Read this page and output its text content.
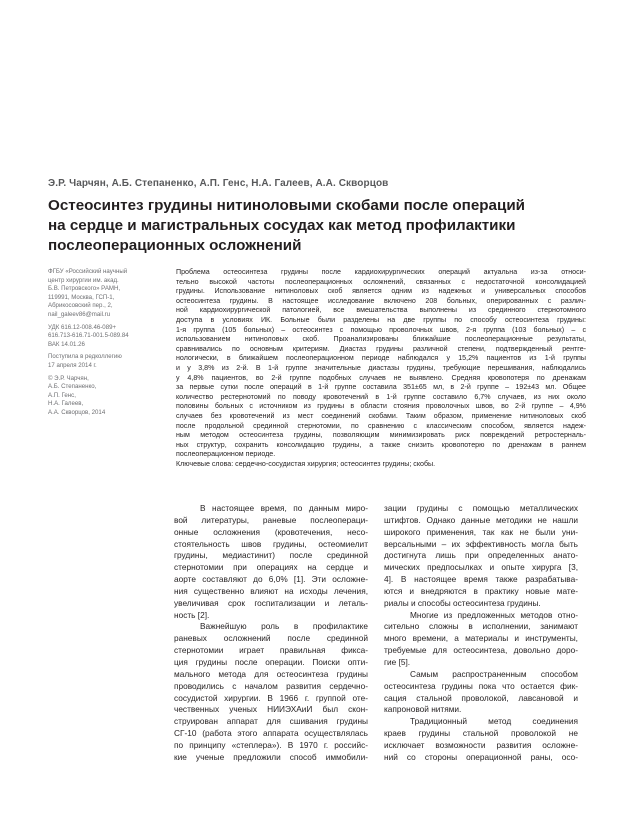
Э.Р. Чарчян, А.Б. Степаненко, А.П. Генс, Н.А. Галеев, А.А. Скворцов
Остеосинтез грудины нитиноловыми скобами после операций
на сердце и магистральных сосудах как метод профилактики
послеоперационных осложнений
ФГБУ «Российский научный
центр хирургии им. акад.
Б.В. Петровского» РАМН,
119991, Москва, ГСП-1,
Абрикосовский пер., 2,
nail_galeev86@mail.ru
УДК 616.12-008.46-089+
616.713-616.71-001.5-089.84
ВАК 14.01.26
Поступила в редколлегию
17 апреля 2014 г.
© Э.Р. Чарчян,
А.Б. Степаненко,
А.П. Генс,
Н.А. Галеев,
А.А. Скворцов, 2014
Проблема остеосинтеза грудины после кардиохирургических операций актуальна из-за относи-
тельно высокой частоты послеоперационных осложнений, связанных с недостаточной консолидацией
грудины. Использование нитиноловых скоб является одним из надежных и универсальных способов
остеосинтеза грудины. В настоящее исследование включено 208 больных, оперированных с различ-
ной кардиохирургической патологией, все вмешательства выполнены из срединного стернотомного
доступа в условиях ИК. Больные были разделены на две группы по способу остеосинтеза грудины:
1-я группа (105 больных) – остеосинтез с помощью проволочных швов, 2-я группа (103 больных) – с
использованием нитиноловых скоб. Проанализированы ближайшие послеоперационные результаты,
сравнивались по основным критериям. Диастаз грудины различной степени, подтвержденный рентге-
нологически, в ближайшем послеоперационном периоде наблюдался у 15,2% пациентов из 1-й группы
и у 3,8% из 2-й. В 1-й группе значительные диастазы грудины, требующие перешивания, наблюдались
у 4,8% пациентов, во 2-й группе подобных случаев не выявлено. Средняя кровопотеря по дренажам
за первые сутки после операций в 1-й группе составила 351±65 мл, в 2-й группе – 192±43 мл. Общее
количество рестернотомий по поводу кровотечений в 1-й группе составило 6,7% случаев, из них около
половины больных с источником из грудины в области стояния проволочных швов, во 2-й группе – 4,9%
случаев без кровотечений из мест соединений скобами. Таким образом, применение нитиноловых скоб
после продольной срединной стернотомии, по сравнению с классическим способом, является надеж-
ным методом остеосинтеза грудины, позволяющим минимизировать риск повреждений ретростерналь-
ных структур, сохранить консолидацию грудины, а также снизить кровопотерю по дренажам в раннем
послеоперационном периоде.
Ключевые слова: сердечно-сосудистая хирургия; остеосинтез грудины; скобы.
В настоящее время, по данным миро-
вой литературы, раневые послеопераци-
онные осложнения (кровотечения, несо-
стоятельность швов грудины, остеомиелит
грудины, медиастинит) после срединной
стернотомии при операциях на сердце и
аорте составляют до 6,0% [1]. Эти осложне-
ния существенно влияют на исходы лечения,
увеличивая срок госпитализации и леталь-
ность [2].
Важнейшую роль в профилактике
раневых осложнений после срединной
стернотомии играет правильная фикса-
ция грудины после операции. Поиски опти-
мального метода для остеосинтеза грудины
проводились с началом развития сердечно-
сосудистой хирургии. В 1966 г. группой оте-
чественных ученых НИИЭХАиИ был скон-
струирован аппарат для сшивания грудины
СГ-10 (работа этого аппарата осуществлялась
по принципу «степлера»). В 1970 г. российс-
кие ученые предложили способ иммобили-
зации грудины с помощью металлических
штифтов. Однако данные методики не нашли
широкого применения, так как не были уни-
версальными – их эффективность могла быть
достигнута лишь при определенных анато-
мических предпосылках и опыте хирурга [3,
4]. В настоящее время также разрабатыва-
ются и внедряются в практику новые мате-
риалы и способы остеосинтеза грудины.
Многие из предложенных методов отно-
сительно сложны в исполнении, занимают
много времени, а материалы и инструменты,
требуемые для остеосинтеза, довольно доро-
гие [5].
Самым распространенным способом
остеосинтеза грудины пока что остается фик-
сация стальной проволокой, лавсановой и
капроновой нитями.
Традиционный метод соединения
краев грудины стальной проволокой не
исключает возможности развития осложне-
ний со стороны операционной раны, осо-
